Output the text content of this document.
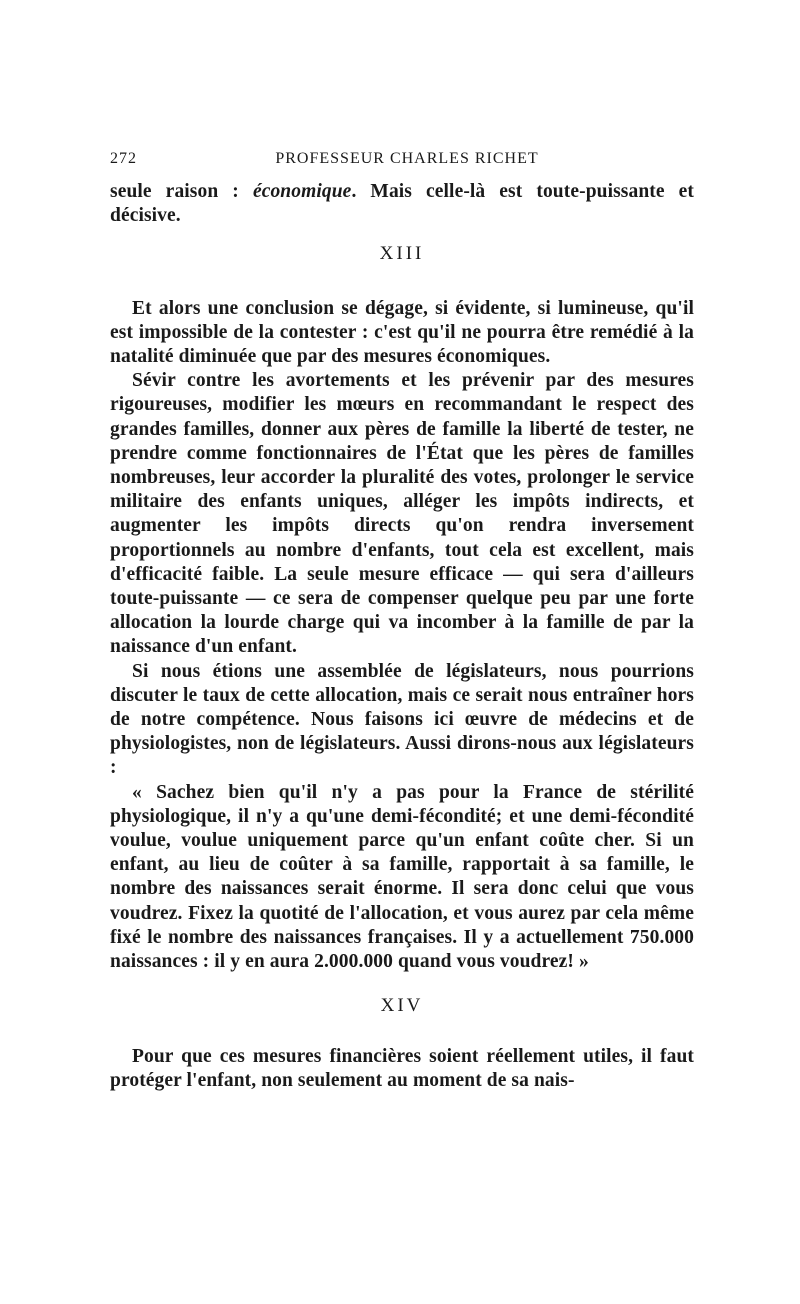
272	PROFESSEUR CHARLES RICHET

seule raison : économique. Mais celle-là est toute-puissante et décisive.

XIII

Et alors une conclusion se dégage, si évidente, si lumineuse, qu'il est impossible de la contester : c'est qu'il ne pourra être remédié à la natalité diminuée que par des mesures économiques.

Sévir contre les avortements et les prévenir par des mesures rigoureuses, modifier les mœurs en recommandant le respect des grandes familles, donner aux pères de famille la liberté de tester, ne prendre comme fonctionnaires de l'État que les pères de familles nombreuses, leur accorder la pluralité des votes, prolonger le service militaire des enfants uniques, alléger les impôts indirects, et augmenter les impôts directs qu'on rendra inversement proportionnels au nombre d'enfants, tout cela est excellent, mais d'efficacité faible. La seule mesure efficace — qui sera d'ailleurs toute-puissante — ce sera de compenser quelque peu par une forte allocation la lourde charge qui va incomber à la famille de par la naissance d'un enfant.

Si nous étions une assemblée de législateurs, nous pourrions discuter le taux de cette allocation, mais ce serait nous entraîner hors de notre compétence. Nous faisons ici œuvre de médecins et de physiologistes, non de législateurs. Aussi dirons-nous aux législateurs :

« Sachez bien qu'il n'y a pas pour la France de stérilité physiologique, il n'y a qu'une demi-fécondité; et une demi-fécondité voulue, voulue uniquement parce qu'un enfant coûte cher. Si un enfant, au lieu de coûter à sa famille, rapportait à sa famille, le nombre des naissances serait énorme. Il sera donc celui que vous voudrez. Fixez la quotité de l'allocation, et vous aurez par cela même fixé le nombre des naissances françaises. Il y a actuellement 750.000 naissances : il y en aura 2.000.000 quand vous voudrez! »

XIV

Pour que ces mesures financières soient réellement utiles, il faut protéger l'enfant, non seulement au moment de sa nais-
